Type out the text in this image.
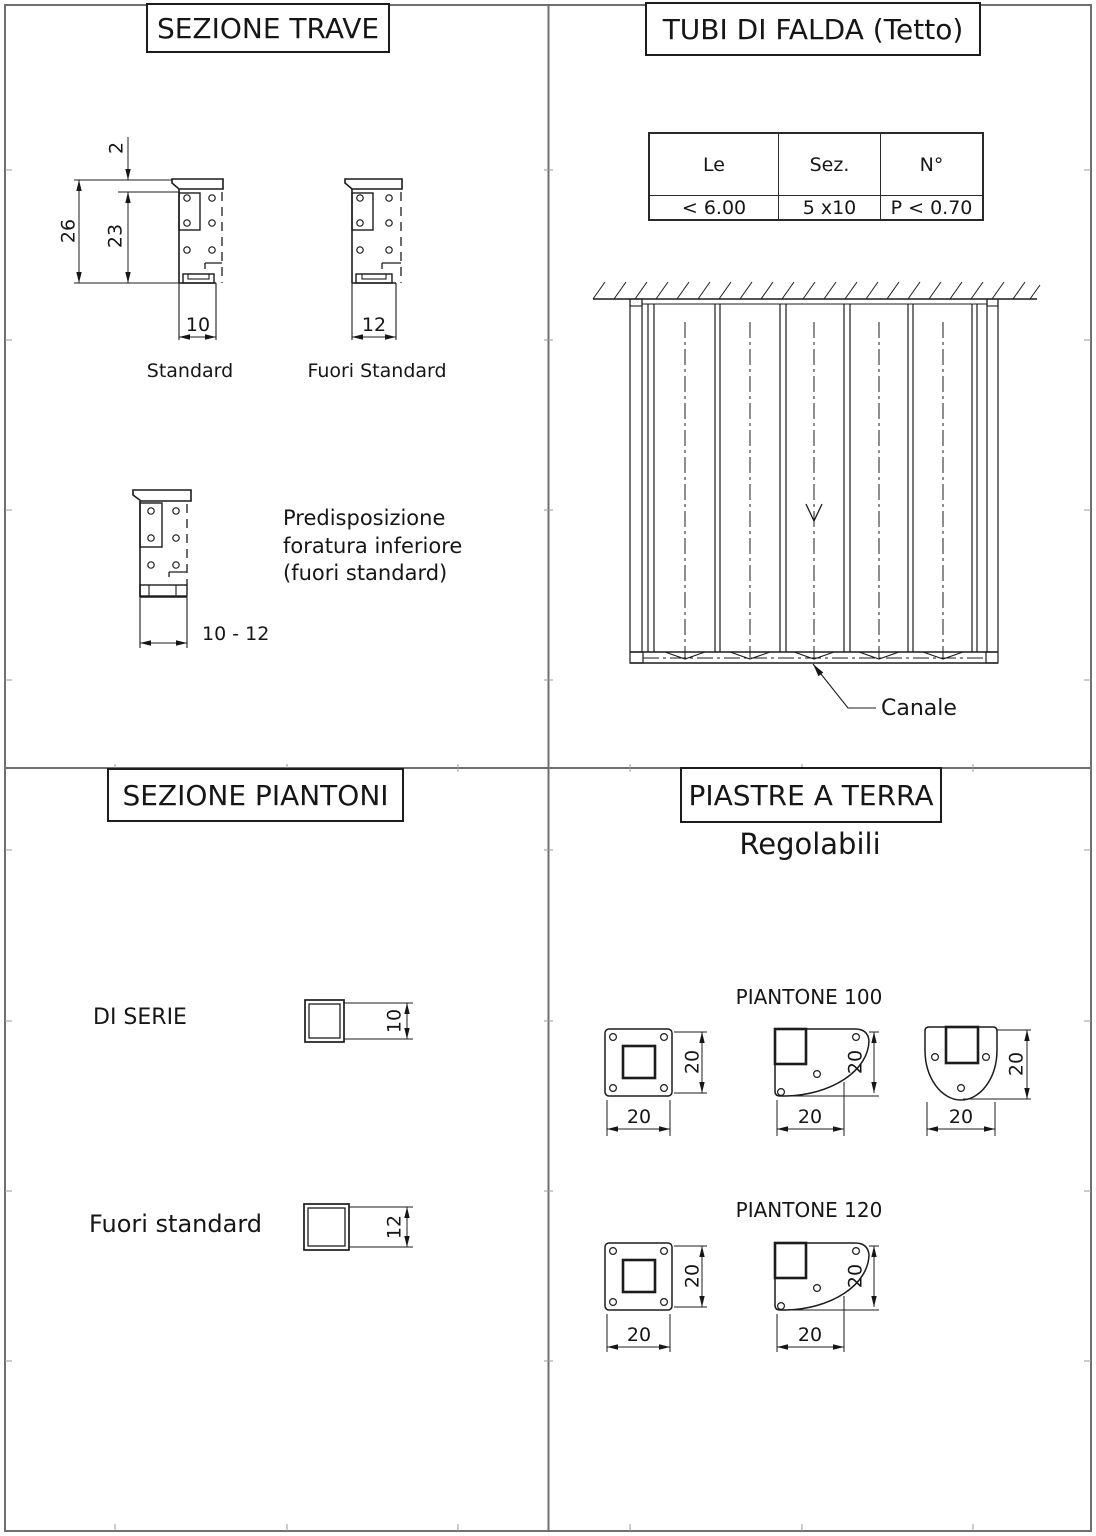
2
26 23
10	12
10 - 12
10
12
20
20
20
20
20
20
20
20
20
20
SEZIONE TRAVE	TUBI DI FALDA (Tetto)
SEZIONE PIANTONI	PIASTRE A TERRA
Regolabili
Standard	Fuori Standard
Predisposizione
foratura inferiore
(fuori standard)
Le	Sez.	N°
< 6.00	5 x10	P < 0.70
Canale
DI SERIE
Fuori standard
PIANTONE 100
PIANTONE 120
